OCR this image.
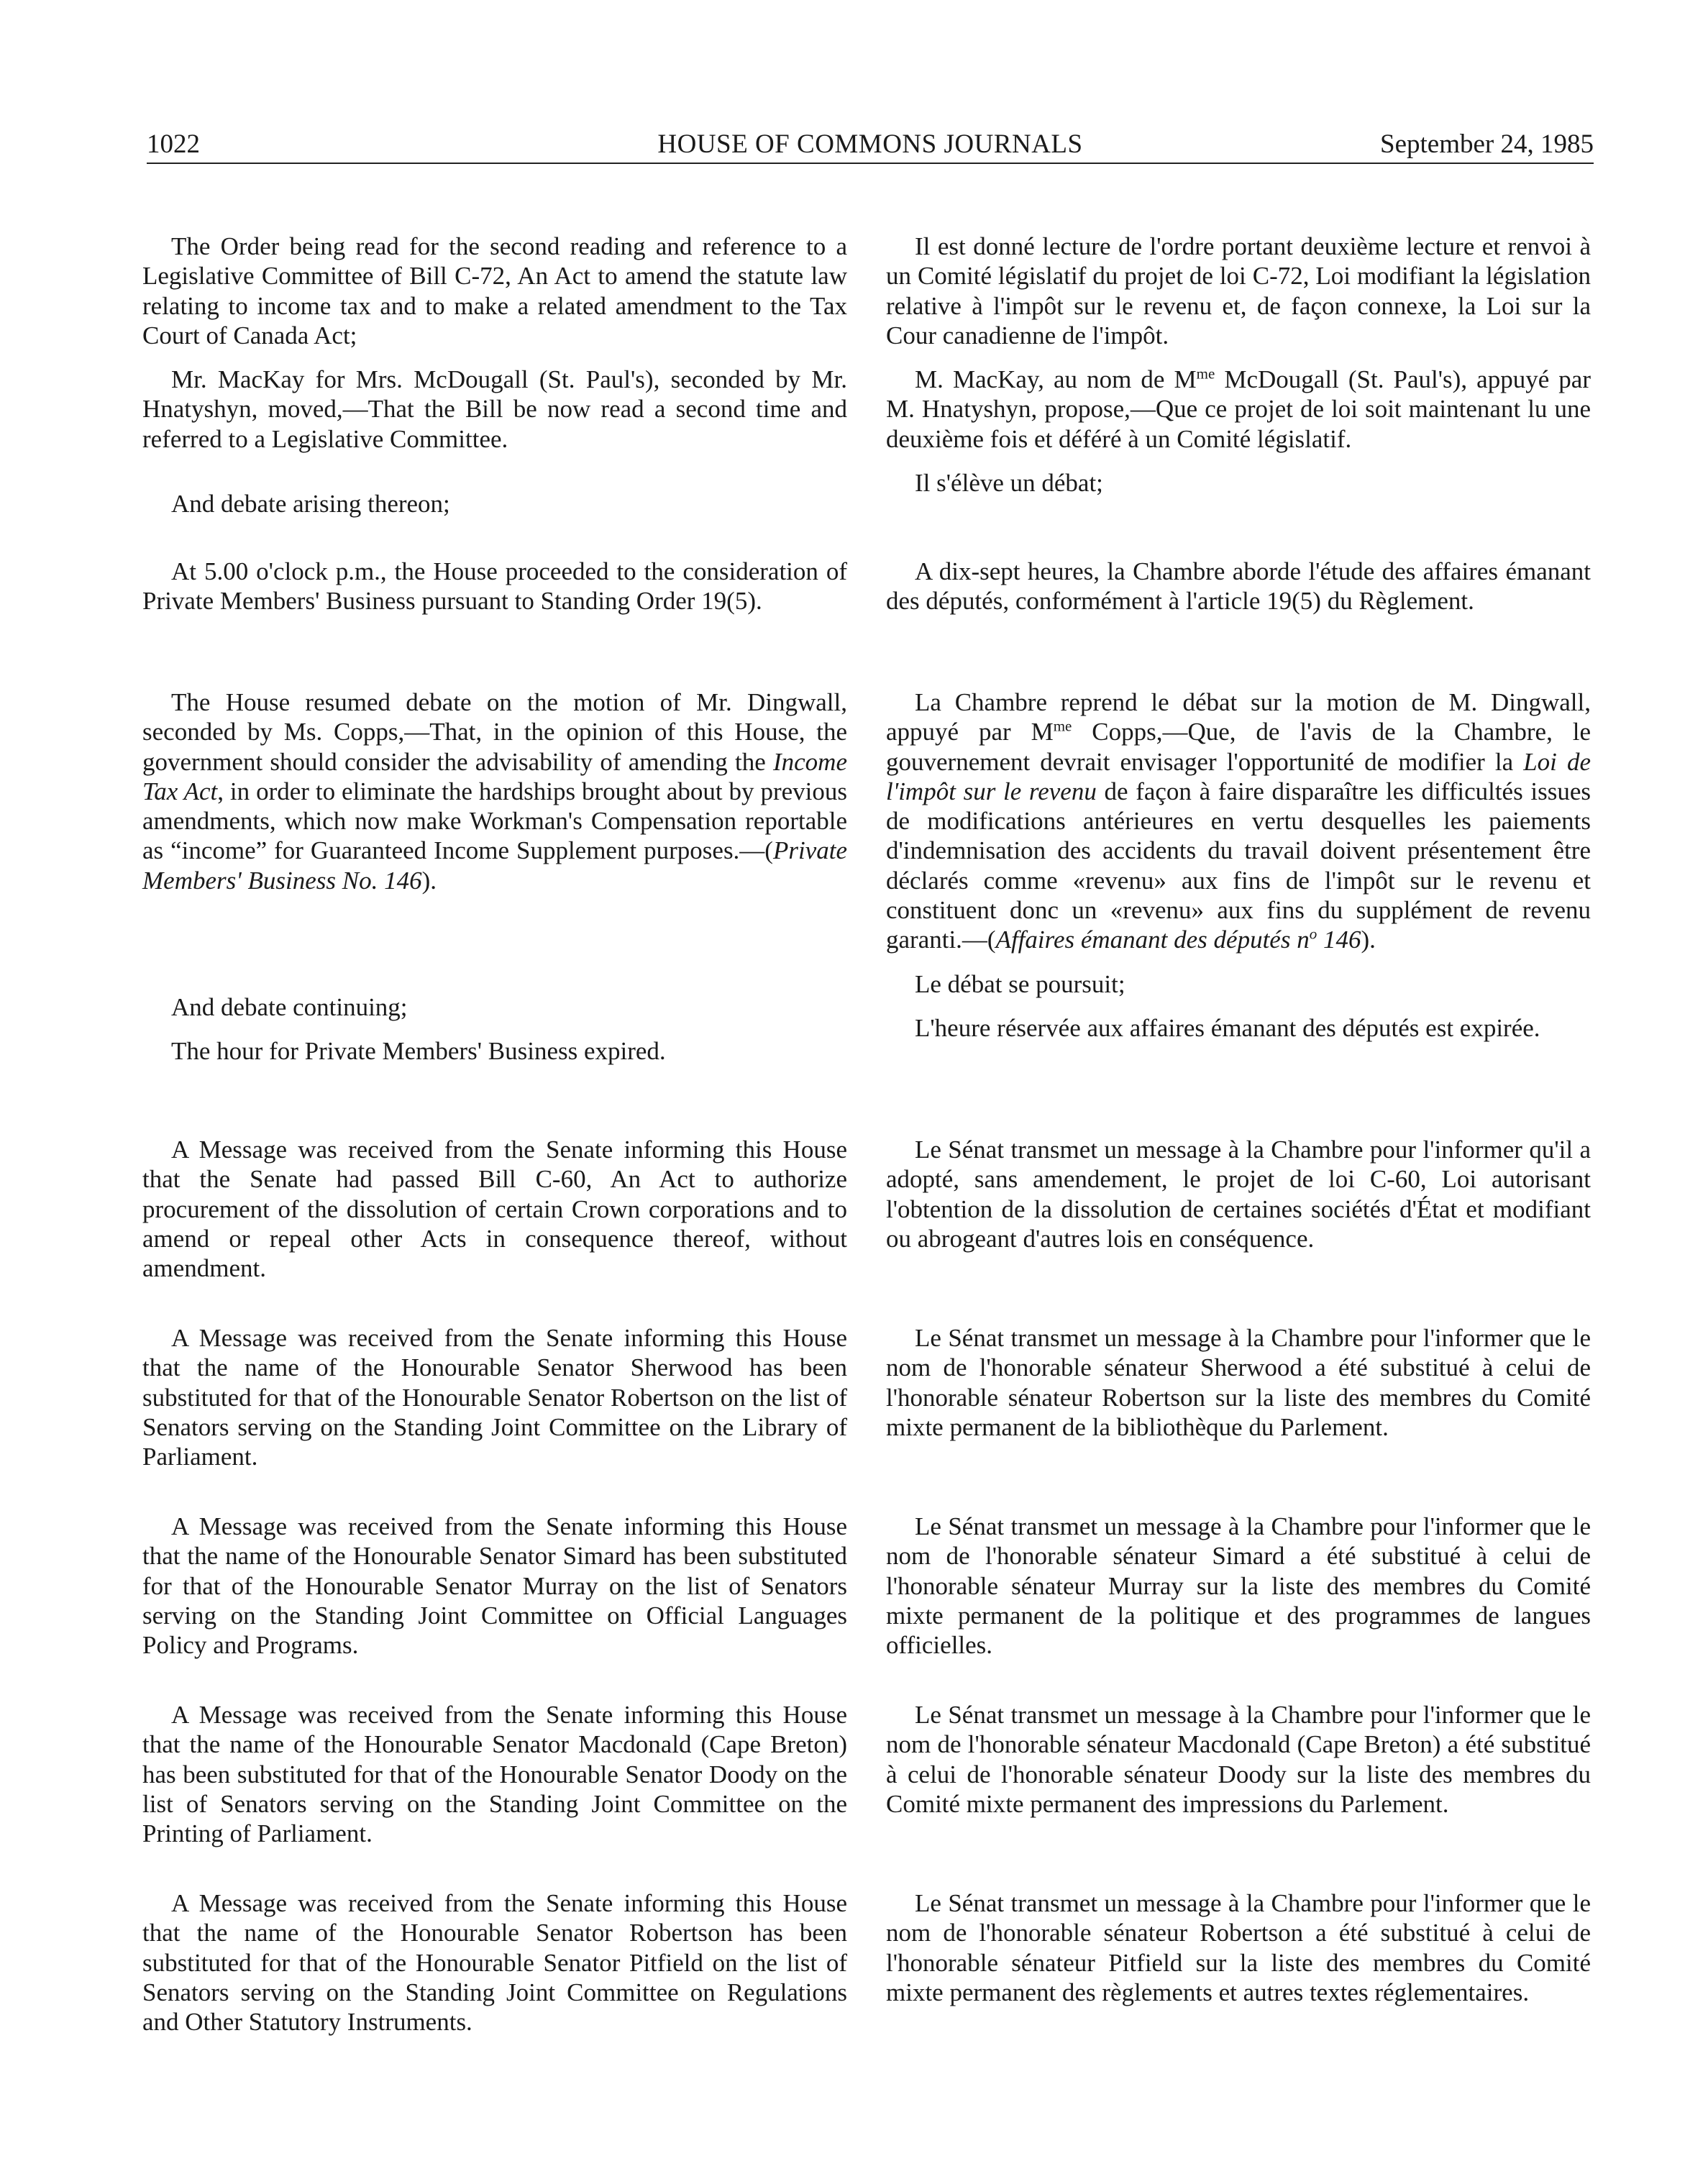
1022	HOUSE OF COMMONS JOURNALS	September 24, 1985

The Order being read for the second reading and reference to a Legislative Committee of Bill C-72, An Act to amend the statute law relating to income tax and to make a related amendment to the Tax Court of Canada Act;

Mr. MacKay for Mrs. McDougall (St. Paul's), seconded by Mr. Hnatyshyn, moved,—That the Bill be now read a second time and referred to a Legislative Committee.

And debate arising thereon;

At 5.00 o'clock p.m., the House proceeded to the consideration of Private Members' Business pursuant to Standing Order 19(5).

The House resumed debate on the motion of Mr. Dingwall, seconded by Ms. Copps,—That, in the opinion of this House, the government should consider the advisability of amending the Income Tax Act, in order to eliminate the hardships brought about by previous amendments, which now make Workman's Compensation reportable as “income” for Guaranteed Income Supplement purposes.—(Private Members' Business No. 146).

And debate continuing;

The hour for Private Members' Business expired.

A Message was received from the Senate informing this House that the Senate had passed Bill C-60, An Act to authorize procurement of the dissolution of certain Crown corporations and to amend or repeal other Acts in consequence thereof, without amendment.

A Message was received from the Senate informing this House that the name of the Honourable Senator Sherwood has been substituted for that of the Honourable Senator Robertson on the list of Senators serving on the Standing Joint Committee on the Library of Parliament.

A Message was received from the Senate informing this House that the name of the Honourable Senator Simard has been substituted for that of the Honourable Senator Murray on the list of Senators serving on the Standing Joint Committee on Official Languages Policy and Programs.

A Message was received from the Senate informing this House that the name of the Honourable Senator Macdonald (Cape Breton) has been substituted for that of the Honourable Senator Doody on the list of Senators serving on the Standing Joint Committee on the Printing of Parliament.

A Message was received from the Senate informing this House that the name of the Honourable Senator Robertson has been substituted for that of the Honourable Senator Pitfield on the list of Senators serving on the Standing Joint Committee on Regulations and Other Statutory Instruments.

Il est donné lecture de l'ordre portant deuxième lecture et renvoi à un Comité législatif du projet de loi C-72, Loi modifiant la législation relative à l'impôt sur le revenu et, de façon connexe, la Loi sur la Cour canadienne de l'impôt.

M. MacKay, au nom de $M^{me}$ McDougall (St. Paul's), appuyé par M. Hnatyshyn, propose,—Que ce projet de loi soit maintenant lu une deuxième fois et déféré à un Comité législatif.

Il s'élève un débat;

A dix-sept heures, la Chambre aborde l'étude des affaires émanant des députés, conformément à l'article 19(5) du Règlement.

La Chambre reprend le débat sur la motion de M. Dingwall, appuyé par $M^{me}$ Copps,—Que, de l'avis de la Chambre, le gouvernement devrait envisager l'opportunité de modifier la Loi de l'impôt sur le revenu de façon à faire disparaître les difficultés issues de modifications antérieures en vertu desquelles les paiements d'indemnisation des accidents du travail doivent présentement être déclarés comme «revenu» aux fins de l'impôt sur le revenu et constituent donc un «revenu» aux fins du supplément de revenu garanti.—(Affaires émanant des députés $n^o$ 146).

Le débat se poursuit;

L'heure réservée aux affaires émanant des députés est expirée.

Le Sénat transmet un message à la Chambre pour l'informer qu'il a adopté, sans amendement, le projet de loi C-60, Loi autorisant l'obtention de la dissolution de certaines sociétés d'État et modifiant ou abrogeant d'autres lois en conséquence.

Le Sénat transmet un message à la Chambre pour l'informer que le nom de l'honorable sénateur Sherwood a été substitué à celui de l'honorable sénateur Robertson sur la liste des membres du Comité mixte permanent de la bibliothèque du Parlement.

Le Sénat transmet un message à la Chambre pour l'informer que le nom de l'honorable sénateur Simard a été substitué à celui de l'honorable sénateur Murray sur la liste des membres du Comité mixte permanent de la politique et des programmes de langues officielles.

Le Sénat transmet un message à la Chambre pour l'informer que le nom de l'honorable sénateur Macdonald (Cape Breton) a été substitué à celui de l'honorable sénateur Doody sur la liste des membres du Comité mixte permanent des impressions du Parlement.

Le Sénat transmet un message à la Chambre pour l'informer que le nom de l'honorable sénateur Robertson a été substitué à celui de l'honorable sénateur Pitfield sur la liste des membres du Comité mixte permanent des règlements et autres textes réglementaires.
